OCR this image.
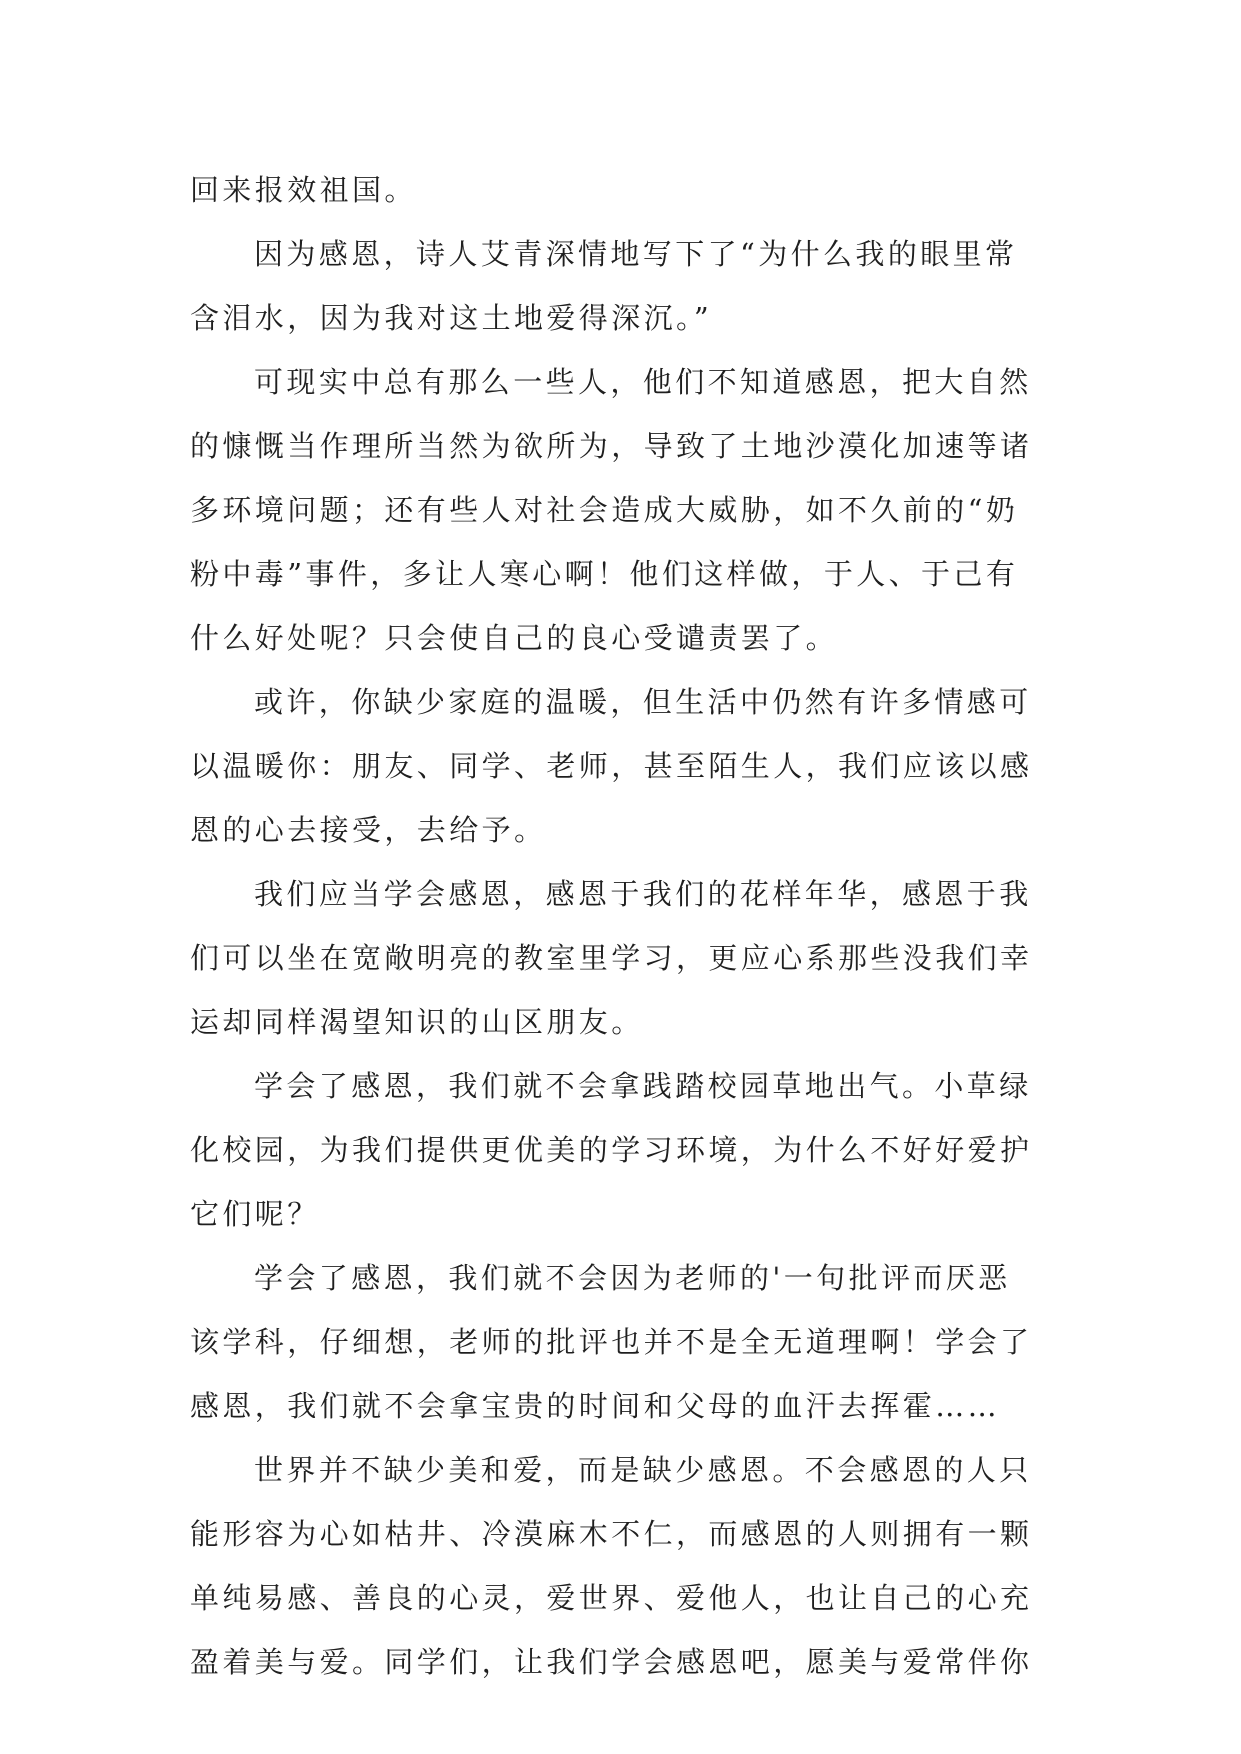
回来报效祖国。
因为感恩，诗人艾青深情地写下了“为什么我的眼里常
含泪水，因为我对这土地爱得深沉。”
可现实中总有那么一些人，他们不知道感恩，把大自然
的慷慨当作理所当然为欲所为，导致了土地沙漠化加速等诸
多环境问题；还有些人对社会造成大威胁，如不久前的“奶
粉中毒”事件，多让人寒心啊！他们这样做，于人、于己有
什么好处呢？只会使自己的良心受谴责罢了。
或许，你缺少家庭的温暖，但生活中仍然有许多情感可
以温暖你：朋友、同学、老师，甚至陌生人，我们应该以感
恩的心去接受，去给予。
我们应当学会感恩，感恩于我们的花样年华，感恩于我
们可以坐在宽敞明亮的教室里学习，更应心系那些没我们幸
运却同样渴望知识的山区朋友。
学会了感恩，我们就不会拿践踏校园草地出气。小草绿
化校园，为我们提供更优美的学习环境，为什么不好好爱护
它们呢？
学会了感恩，我们就不会因为老师的'一句批评而厌恶
该学科，仔细想，老师的批评也并不是全无道理啊！学会了
感恩，我们就不会拿宝贵的时间和父母的血汗去挥霍……
世界并不缺少美和爱，而是缺少感恩。不会感恩的人只
能形容为心如枯井、冷漠麻木不仁，而感恩的人则拥有一颗
单纯易感、善良的心灵，爱世界、爱他人，也让自己的心充
盈着美与爱。同学们，让我们学会感恩吧，愿美与爱常伴你
